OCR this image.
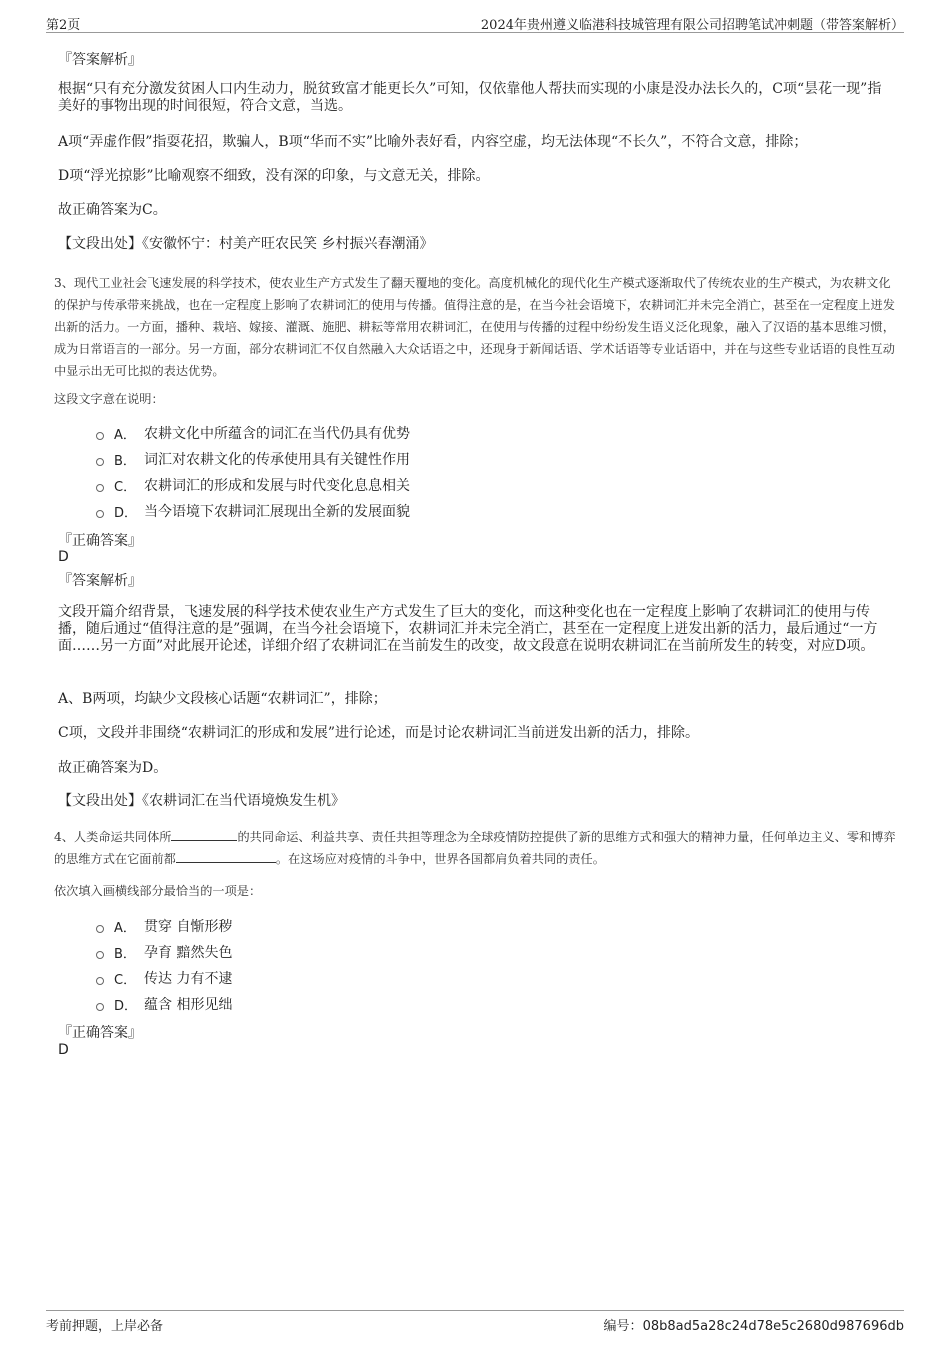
第2页	2024年贵州遵义临港科技城管理有限公司招聘笔试冲刺题（带答案解析）
『答案解析』
根据“只有充分激发贫困人口内生动力，脱贫致富才能更长久”可知，仅依靠他人帮扶而实现的小康是没办法长久的，C项“昙花一现”指美好的事物出现的时间很短，符合文意，当选。
A项“弄虚作假”指耍花招，欺骗人，B项“华而不实”比喻外表好看，内容空虚，均无法体现“不长久”，不符合文意，排除；
D项“浮光掠影”比喻观察不细致，没有深的印象，与文意无关，排除。
故正确答案为C。
【文段出处】《安徽怀宁：村美产旺农民笑 乡村振兴春潮涌》
3、现代工业社会飞速发展的科学技术，使农业生产方式发生了翻天覆地的变化。高度机械化的现代化生产模式逐渐取代了传统农业的生产模式，为农耕文化的保护与传承带来挑战，也在一定程度上影响了农耕词汇的使用与传播。值得注意的是，在当今社会语境下，农耕词汇并未完全消亡，甚至在一定程度上迸发出新的活力。一方面，播种、栽培、嫁接、灌溉、施肥、耕耘等常用农耕词汇，在使用与传播的过程中纷纷发生语义泛化现象，融入了汉语的基本思维习惯，成为日常语言的一部分。另一方面，部分农耕词汇不仅自然融入大众话语之中，还现身于新闻话语、学术话语等专业话语中，并在与这些专业话语的良性互动中显示出无可比拟的表达优势。
这段文字意在说明：
A． 农耕文化中所蕴含的词汇在当代仍具有优势
B． 词汇对农耕文化的传承使用具有关键性作用
C． 农耕词汇的形成和发展与时代变化息息相关
D． 当今语境下农耕词汇展现出全新的发展面貌
『正确答案』
D
『答案解析』
文段开篇介绍背景，飞速发展的科学技术使农业生产方式发生了巨大的变化，而这种变化也在一定程度上影响了农耕词汇的使用与传播，随后通过“值得注意的是”强调，在当今社会语境下，农耕词汇并未完全消亡，甚至在一定程度上迸发出新的活力，最后通过“一方面……另一方面”对此展开论述，详细介绍了农耕词汇在当前发生的改变，故文段意在说明农耕词汇在当前所发生的转变，对应D项。
A、B两项，均缺少文段核心话题“农耕词汇”，排除；
C项，文段并非围绕“农耕词汇的形成和发展”进行论述，而是讨论农耕词汇当前迸发出新的活力，排除。
故正确答案为D。
【文段出处】《农耕词汇在当代语境焕发生机》
4、人类命运共同体所	的共同命运、利益共享、责任共担等理念为全球疫情防控提供了新的思维方式和强大的精神力量，任何单边主义、零和博弈的思维方式在它面前都	。在这场应对疫情的斗争中，世界各国都肩负着共同的责任。
依次填入画横线部分最恰当的一项是：
A． 贯穿 自惭形秽
B． 孕育 黯然失色
C． 传达 力有不逮
D． 蕴含 相形见绌
『正确答案』
D
考前押题，上岸必备	编号：08b8ad5a28c24d78e5c2680d987696db
